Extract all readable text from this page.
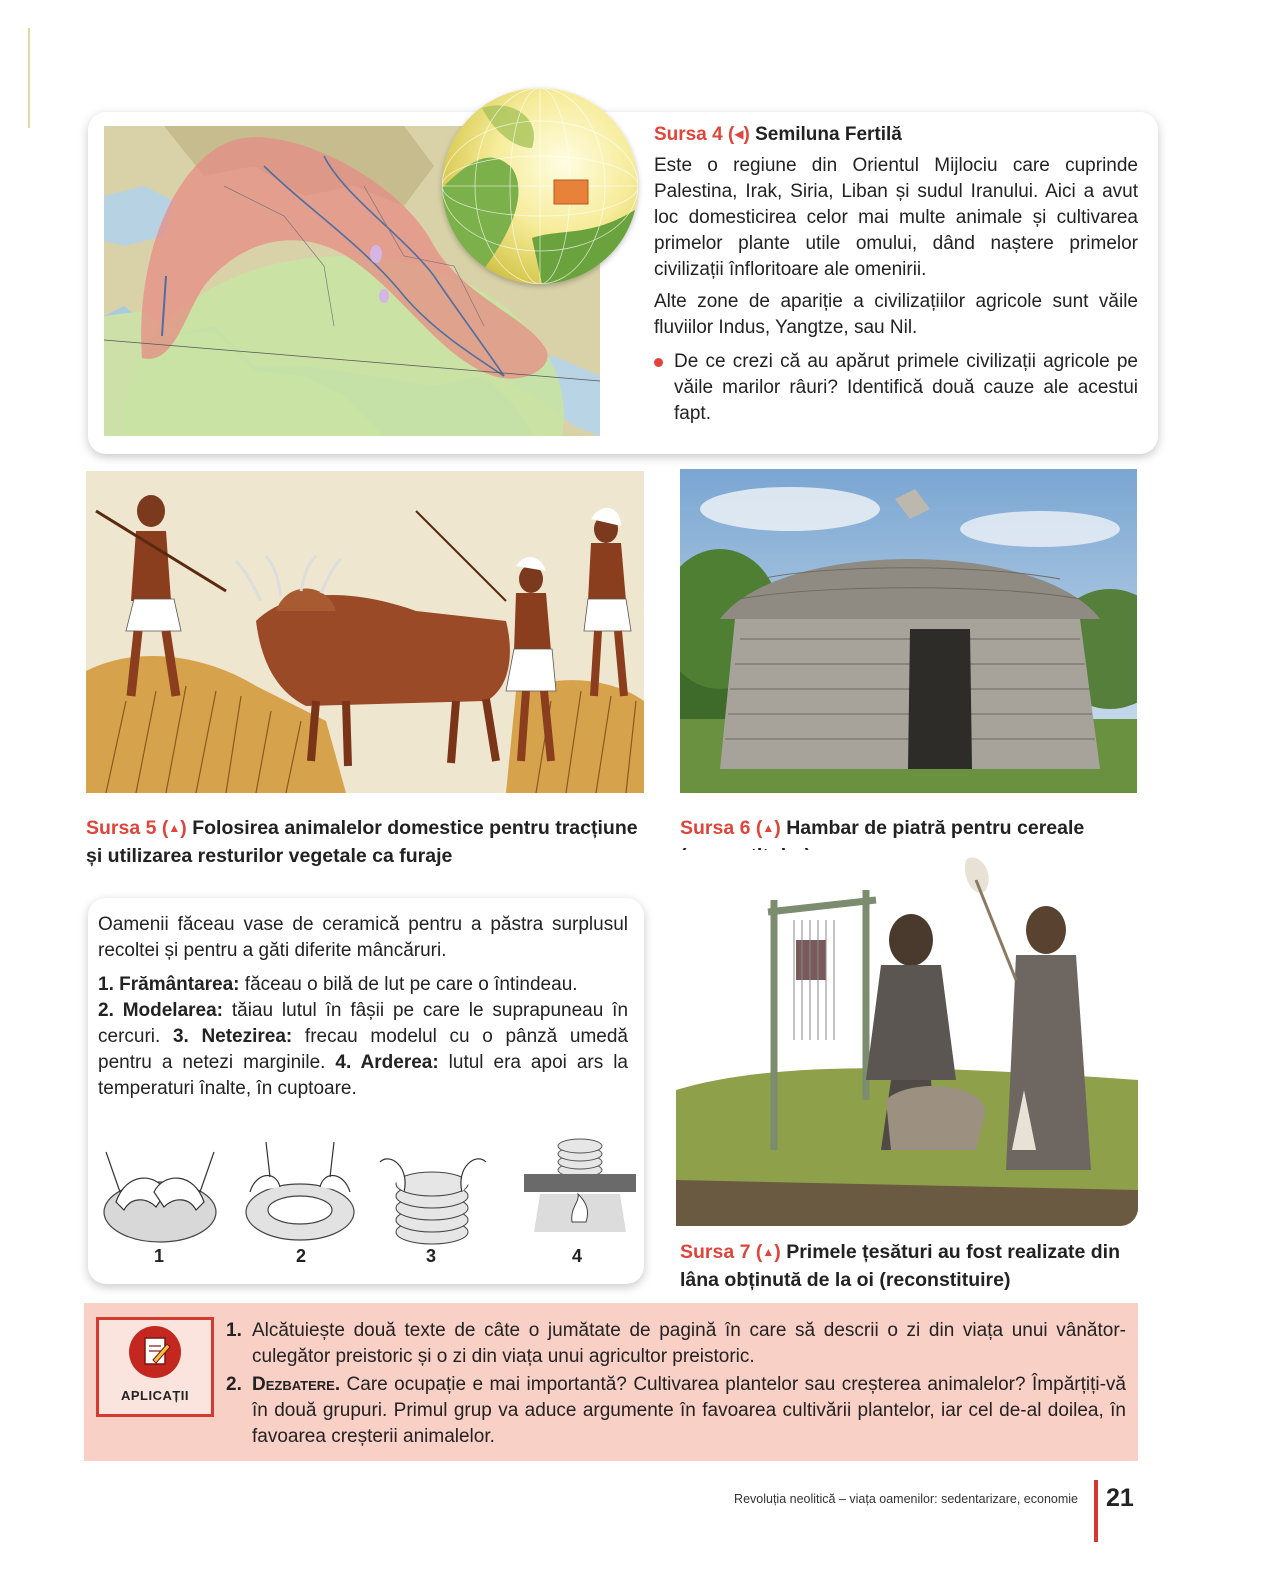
Sursa 4 (◀) Semiluna Fertilă

Este o regiune din Orientul Mijlociu care cuprinde Palestina, Irak, Siria, Liban și sudul Iranului. Aici a avut loc domesticirea celor mai multe animale și cultivarea primelor plante utile omului, dând naștere primelor civilizații înfloritoare ale omenirii.

Alte zone de apariție a civilizațiilor agricole sunt văile fluviilor Indus, Yangtze, sau Nil.

De ce crezi că au apărut primele civilizații agricole pe văile marilor râuri? Identifică două cauze ale acestui fapt.

Sursa 5 (▲) Folosirea animalelor domestice pentru tracțiune și utilizarea resturilor vegetale ca furaje
Sursa 6 (▲) Hambar de piatră pentru cereale

Oamenii făceau vase de ceramică pentru a păstra surplusul recoltei și pentru a găti diferite mâncăruri.

1. Frământarea: făceau o bilă de lut pe care o întindeau.
2. Modelarea: tăiau lutul în fâșii pe care le suprapuneau în cercuri. 3. Netezirea: frecau modelul cu o pânză umedă pentru a netezi marginile. 4. Arderea: lutul era apoi ars la temperaturi înalte, în cuptoare.

1	2	3	4	Sursa 7 (▲) Primele țesături au fost realizate din lâna obținută de la oi (reconstituire)
APLICAȚII
1. Alcătuiește două texte de câte o jumătate de pagină în care să descrii o zi din viața unui vânător-culegător preistoric și o zi din viața unui agricultor preistoric.
2. Dezbatere. Care ocupație e mai importantă? Cultivarea plantelor sau creșterea animalelor? Împărțiți-vă în două grupuri. Primul grup va aduce argumente în favoarea cultivării plantelor, iar cel de-al doilea, în favoarea creșterii animalelor.
Revoluția neolitică – viața oamenilor: sedentarizare, economie 21
